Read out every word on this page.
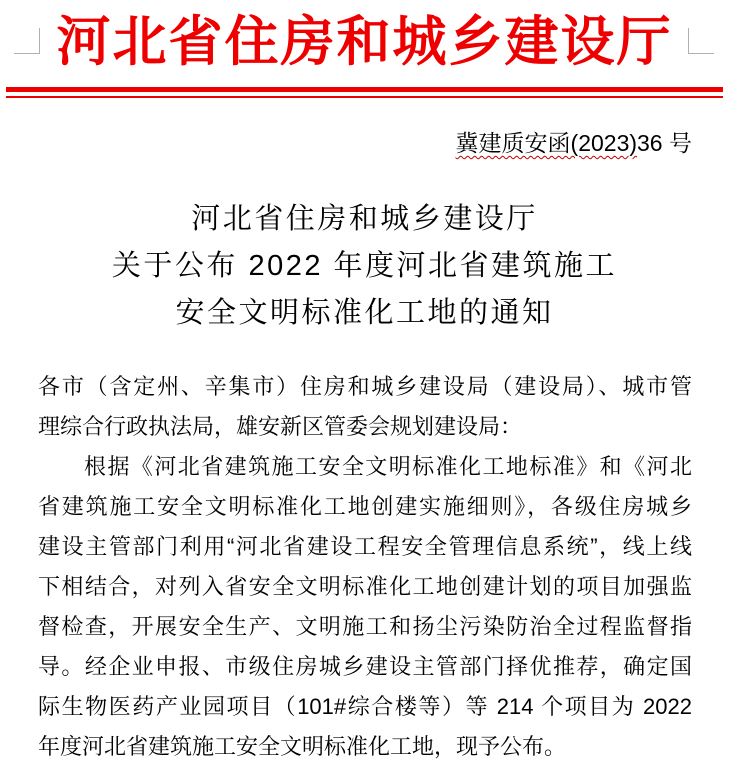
河北省住房和城乡建设厅
冀建质安函(2023)36 号
河北省住房和城乡建设厅
关于公布 2022 年度河北省建筑施工
安全文明标准化工地的通知
各市（含定州、辛集市）住房和城乡建设局（建设局）、城市管
理综合行政执法局，雄安新区管委会规划建设局：
根据《河北省建筑施工安全文明标准化工地标准》和《河北
省建筑施工安全文明标准化工地创建实施细则》，各级住房城乡
建设主管部门利用“河北省建设工程安全管理信息系统”，线上线
下相结合，对列入省安全文明标准化工地创建计划的项目加强监
督检查，开展安全生产、文明施工和扬尘污染防治全过程监督指
导。经企业申报、市级住房城乡建设主管部门择优推荐，确定国
际生物医药产业园项目（101#综合楼等）等 214 个项目为 2022
年度河北省建筑施工安全文明标准化工地，现予公布。
